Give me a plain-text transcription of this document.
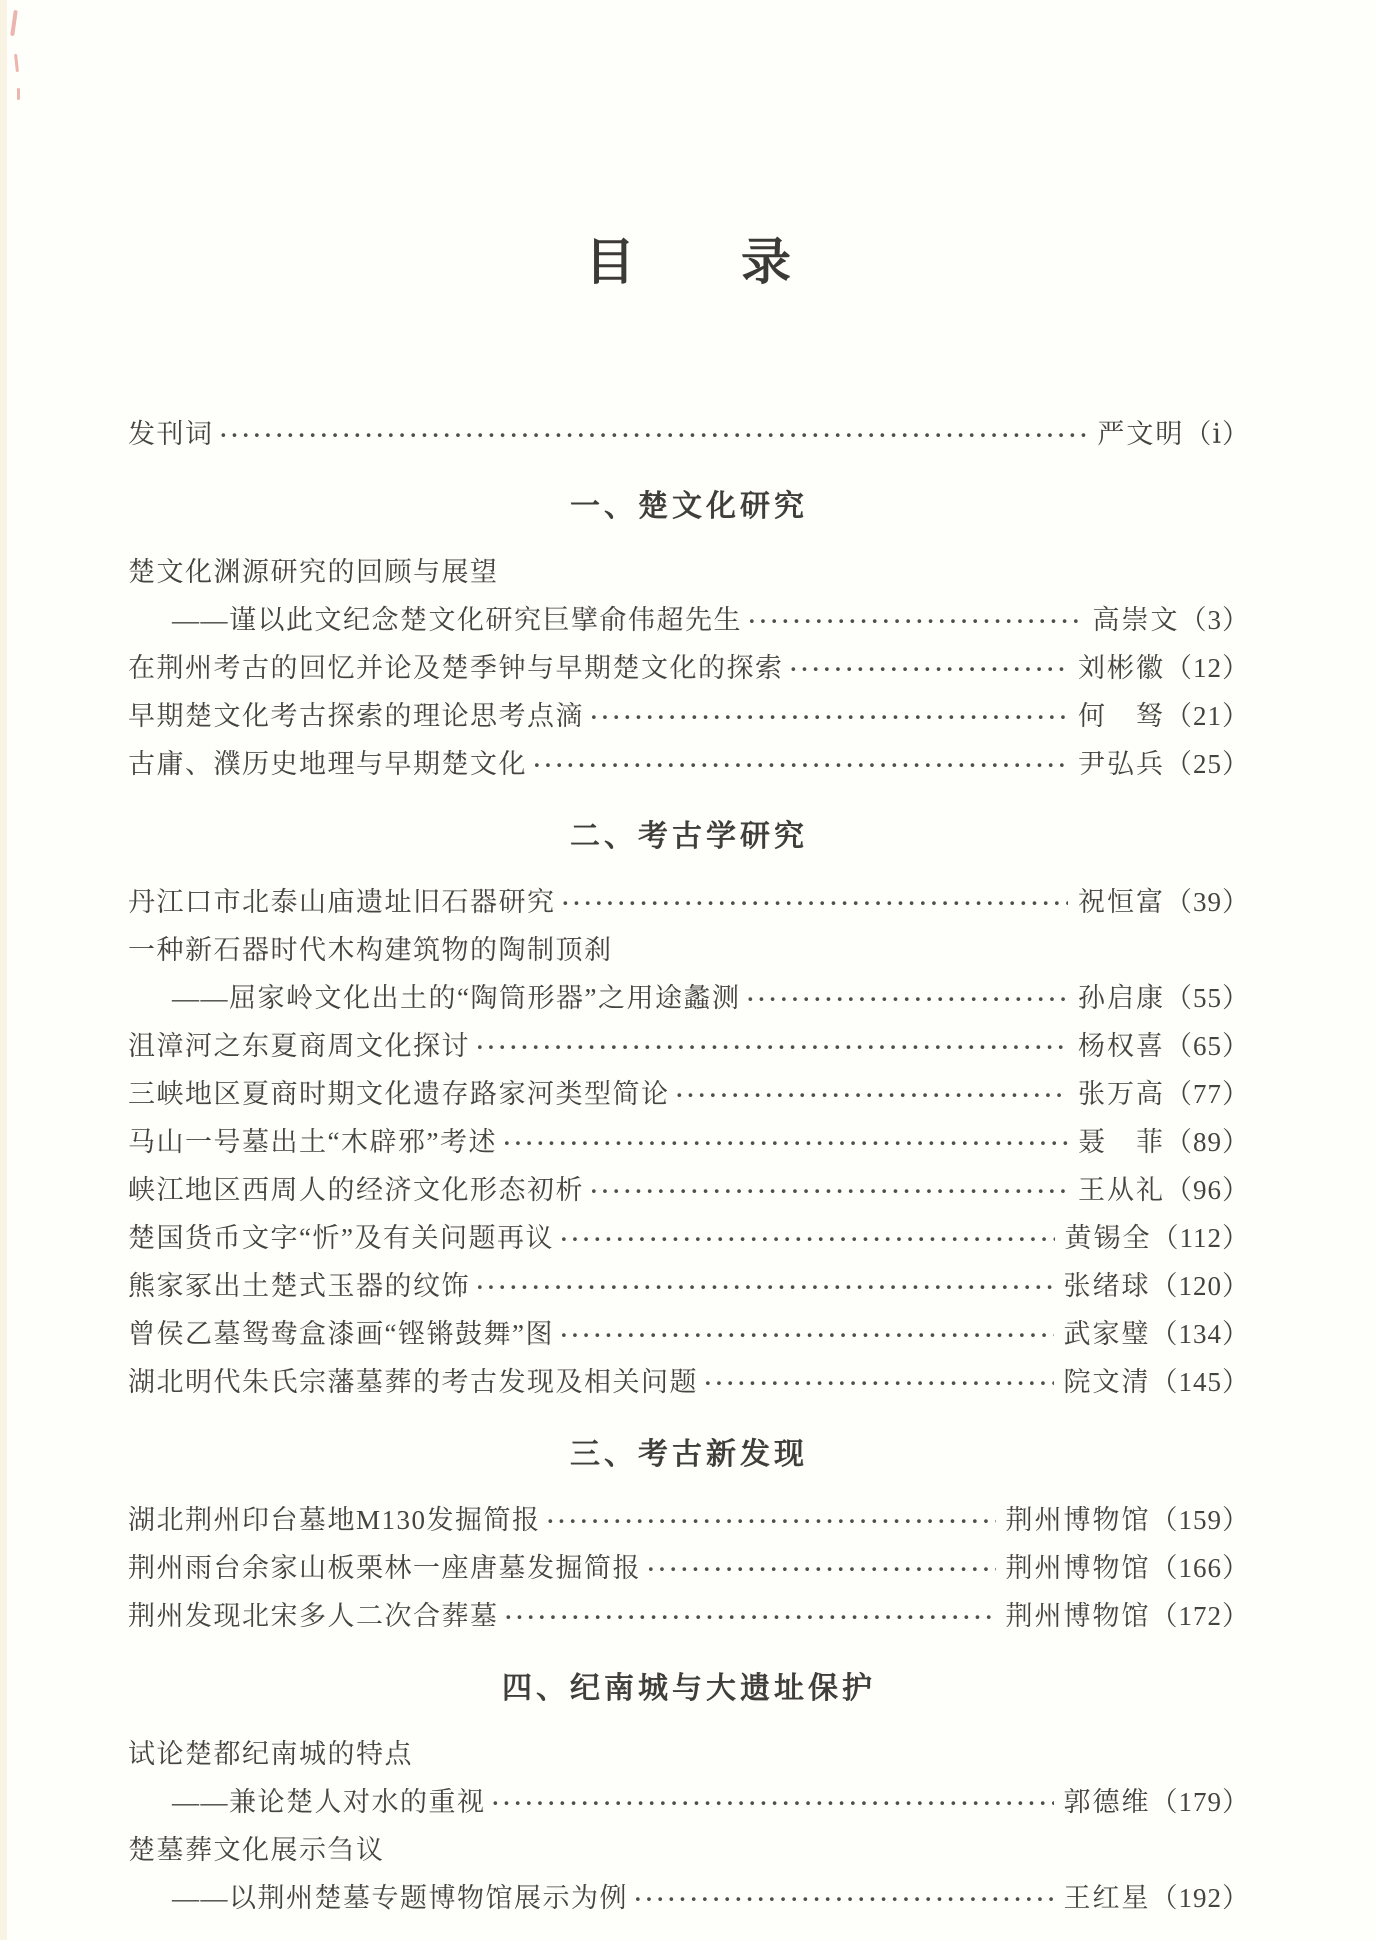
目　　录
发刊词 ·····	严文明 （ⅰ）
一、楚文化研究
楚文化渊源研究的回顾与展望
——谨以此文纪念楚文化研究巨擘俞伟超先生 ·····	高崇文 （3）
在荆州考古的回忆并论及楚季钟与早期楚文化的探索 ·····	刘彬徽 （12）
早期楚文化考古探索的理论思考点滴 ·····	何　驽 （21）
古庸、濮历史地理与早期楚文化 ·····	尹弘兵 （25）
二、考古学研究
丹江口市北泰山庙遗址旧石器研究 ·····	祝恒富 （39）
一种新石器时代木构建筑物的陶制顶刹
——屈家岭文化出土的“陶筒形器”之用途蠡测 ·····	孙启康 （55）
沮漳河之东夏商周文化探讨 ·····	杨权喜 （65）
三峡地区夏商时期文化遗存路家河类型简论 ·····	张万高 （77）
马山一号墓出土“木辟邪”考述 ·····	聂　菲 （89）
峡江地区西周人的经济文化形态初析 ·····	王从礼 （96）
楚国货币文字“忻”及有关问题再议 ·····	黄锡全 （112）
熊家冢出土楚式玉器的纹饰 ·····	张绪球 （120）
曾侯乙墓鸳鸯盒漆画“铿锵鼓舞”图 ·····	武家璧 （134）
湖北明代朱氏宗藩墓葬的考古发现及相关问题 ·····	院文清 （145）
三、考古新发现
湖北荆州印台墓地M130发掘简报 ·····	荆州博物馆 （159）
荆州雨台余家山板栗林一座唐墓发掘简报 ·····	荆州博物馆 （166）
荆州发现北宋多人二次合葬墓 ·····	荆州博物馆 （172）
四、纪南城与大遗址保护
试论楚都纪南城的特点
——兼论楚人对水的重视 ·····	郭德维 （179）
楚墓葬文化展示刍议
——以荆州楚墓专题博物馆展示为例 ·····	王红星 （192）
